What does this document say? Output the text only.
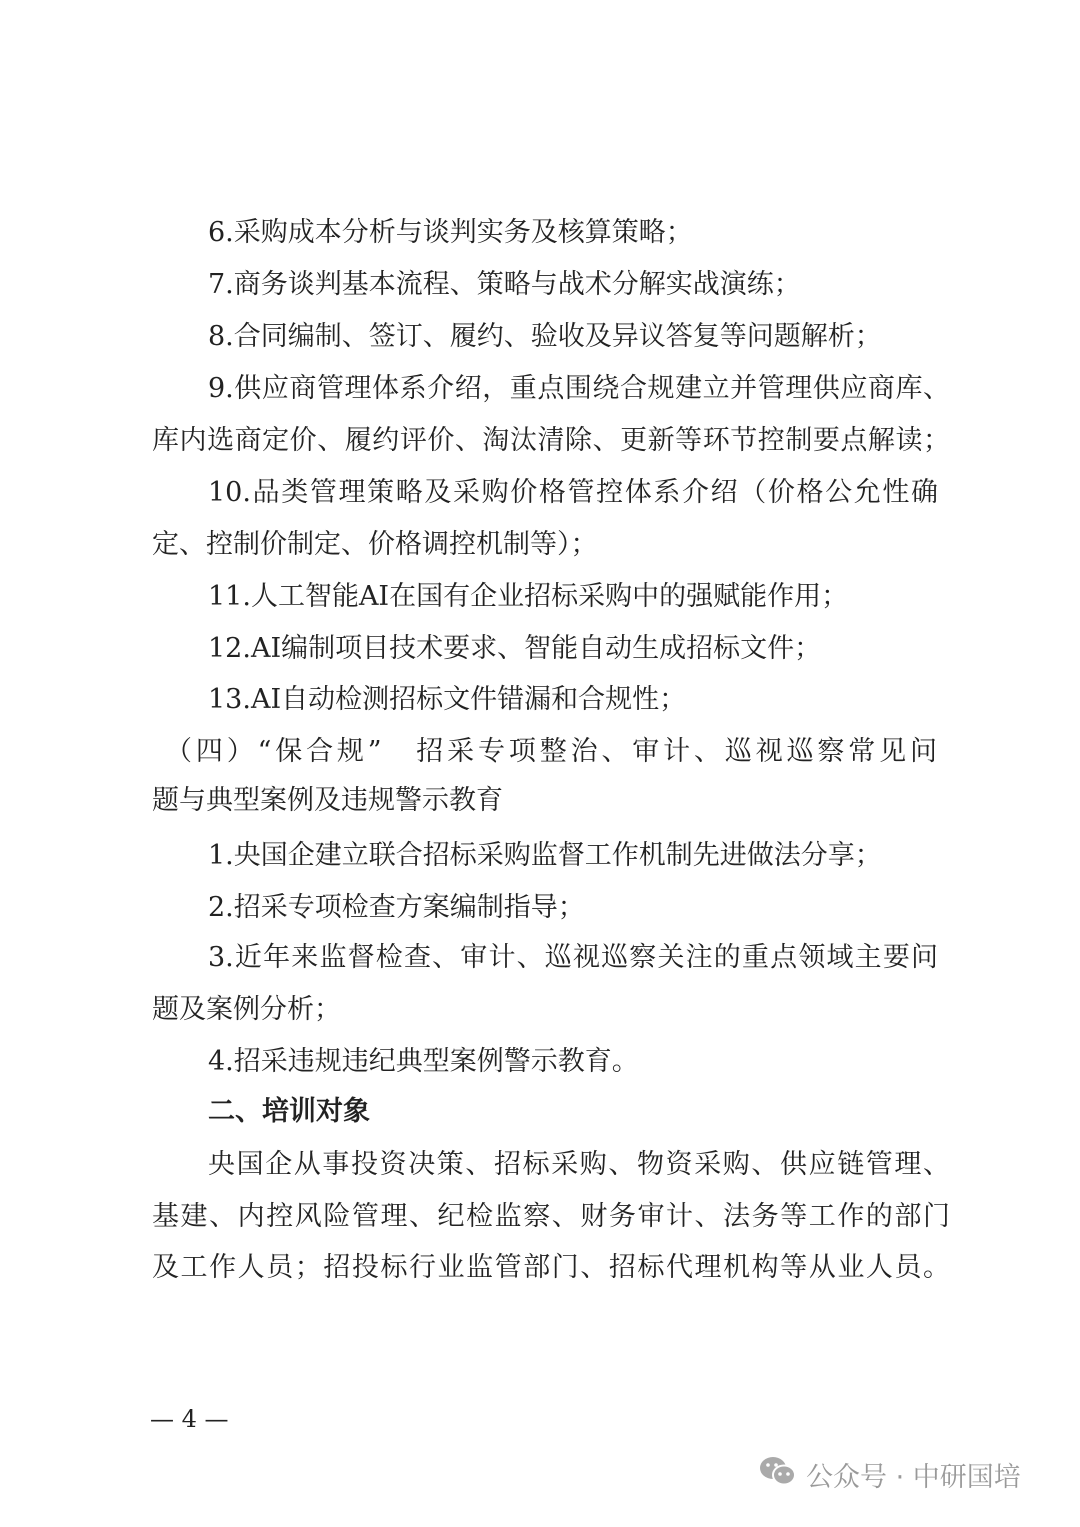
6.采购成本分析与谈判实务及核算策略；
7.商务谈判基本流程、策略与战术分解实战演练；
8.合同编制、签订、履约、验收及异议答复等问题解析；
9.供应商管理体系介绍，重点围绕合规建立并管理供应商库、
库内选商定价、履约评价、淘汰清除、更新等环节控制要点解读；
10.品类管理策略及采购价格管控体系介绍（价格公允性确
定、控制价制定、价格调控机制等）；
11.人工智能AI在国有企业招标采购中的强赋能作用；
12.AI编制项目技术要求、智能自动生成招标文件；
13.AI自动检测招标文件错漏和合规性；
（四）“保合规”　招采专项整治、审计、巡视巡察常见问
题与典型案例及违规警示教育
1.央国企建立联合招标采购监督工作机制先进做法分享；
2.招采专项检查方案编制指导；
3.近年来监督检查、审计、巡视巡察关注的重点领域主要问
题及案例分析；
4.招采违规违纪典型案例警示教育。
二、培训对象
央国企从事投资决策、招标采购、物资采购、供应链管理、
基建、内控风险管理、纪检监察、财务审计、法务等工作的部门
及工作人员；招投标行业监管部门、招标代理机构等从业人员。
— 4 —
公众号 · 中研国培
